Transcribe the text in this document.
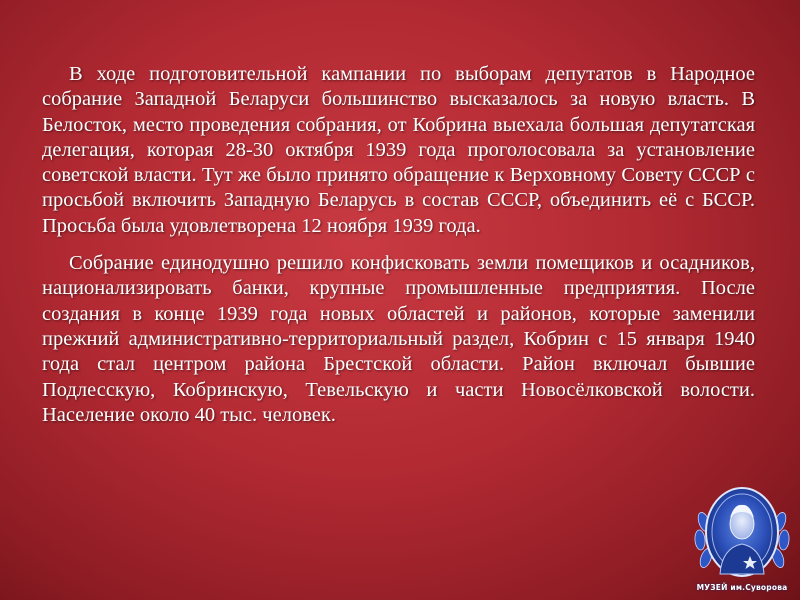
В ходе подготовительной кампании по выборам депутатов в Народное собрание Западной Беларуси большинство высказалось за новую власть. В Белосток, место проведения собрания, от Кобрина выехала большая депутатская делегация, которая 28-30 октября 1939 года проголосовала за установление советской власти. Тут же было принято обращение к Верховному Совету СССР с просьбой включить Западную Беларусь в состав СССР, объединить её с БССР. Просьба была удовлетворена 12 ноября 1939 года.

Собрание единодушно решило конфисковать земли помещиков и осадников, национализировать банки, крупные промышленные предприятия. После создания в конце 1939 года новых областей и районов, которые заменили прежний административно-территориальный раздел, Кобрин с 15 января 1940 года стал центром района Брестской области. Район включал бывшие Подлесскую, Кобринскую, Тевельскую и части Новосёлковской волости. Население около 40 тыс. человек.

МУЗЕЙ им.Суворова
